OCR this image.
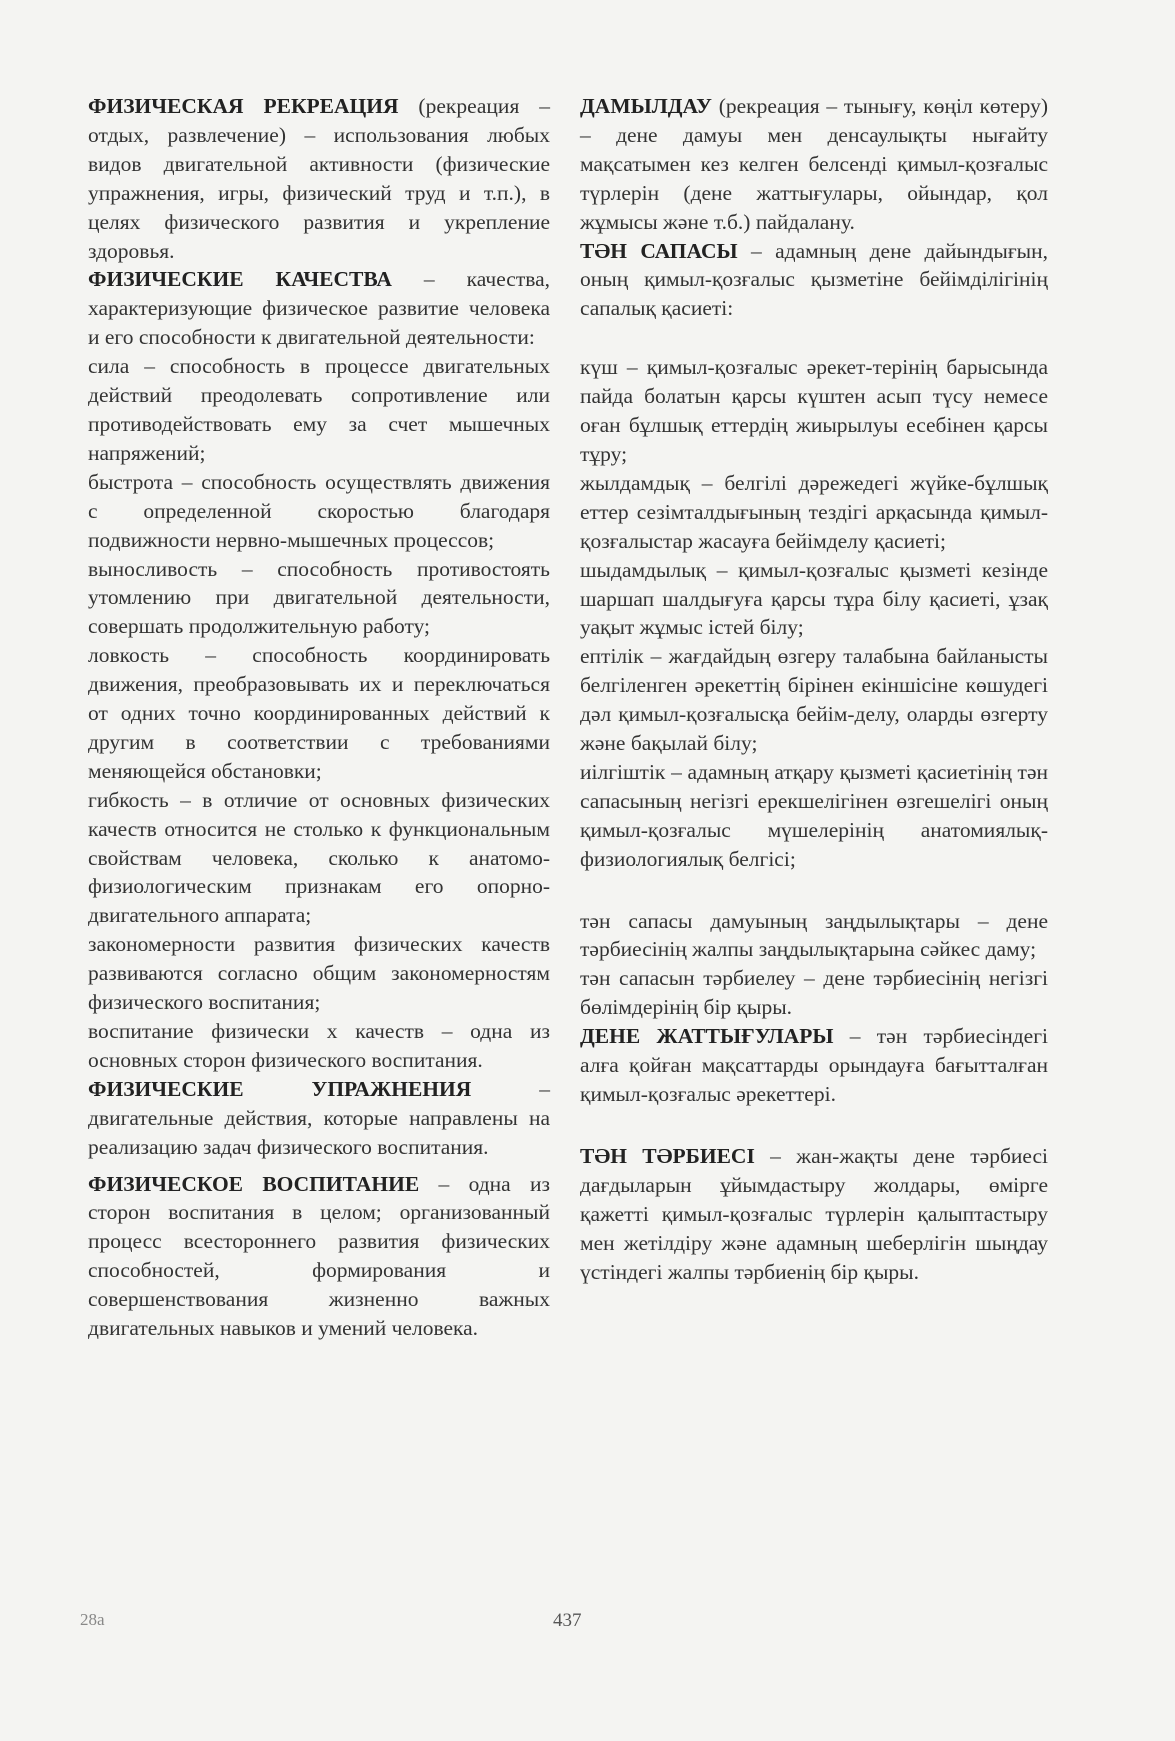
ФИЗИЧЕСКАЯ РЕКРЕАЦИЯ (рекреация – отдых, развлечение) – использования любых видов двигательной активности (физические упражнения, игры, физический труд и т.п.), в целях физического развития и укрепление здоровья.

ФИЗИЧЕСКИЕ КАЧЕСТВА – качества, характеризующие физическое развитие человека и его способности к двигательной деятельности:

сила – способность в процессе двигательных действий преодолевать сопротивление или противодействовать ему за счет мышечных напряжений;

быстрота – способность осуществлять движения с определенной скоростью благодаря подвижности нервно-мышечных процессов;

выносливость – способность противостоять утомлению при двигательной деятельности, совершать продолжительную работу;

ловкость – способность координировать движения, преобразовывать их и переключаться от одних точно координированных действий к другим в соответствии с требованиями меняющейся обстановки;

гибкость – в отличие от основных физических качеств относится не столько к функциональным свойствам человека, сколько к анатомо-физиологическим признакам его опорно-двигательного аппарата;

закономерности развития физических качеств развиваются согласно общим закономерностям физического воспитания;

воспитание физически х качеств – одна из основных сторон физического воспитания.

ФИЗИЧЕСКИЕ УПРАЖНЕНИЯ – двигательные действия, которые направлены на реализацию задач физического воспитания.

ФИЗИЧЕСКОЕ ВОСПИТАНИЕ – одна из сторон воспитания в целом; организованный процесс всестороннего развития физических способностей, формирования и совершенствования жизненно важных двигательных навыков и умений человека.

ДАМЫЛДАУ (рекреация – тынығу, көңіл көтеру) – дене дамуы мен денсаулықты нығайту мақсатымен кез келген белсенді қимыл-қозғалыс түрлерін (дене жаттығулары, ойындар, қол жұмысы және т.б.) пайдалану.

ТӘН САПАСЫ – адамның дене дайындығын, оның қимыл-қозғалыс қызметіне бейімділігінің сапалық қасиеті:

күш – қимыл-қозғалыс әрекет-терінің барысында пайда болатын қарсы күштен асып түсу немесе оған бұлшық еттердің жиырылуы есебінен қарсы тұру;

жылдамдық – белгілі дәрежедегі жүйке-бұлшық еттер сезімталдығының тездігі арқасында қимыл-қозғалыстар жасауға бейімделу қасиеті;

шыдамдылық – қимыл-қозғалыс қызметі кезінде шаршап шалдығуға қарсы тұра білу қасиеті, ұзақ уақыт жұмыс істей білу;

ептілік – жағдайдың өзгеру талабына байланысты белгіленген әрекеттің бірінен екіншісіне көшудегі дәл қимыл-қозғалысқа бейім-делу, оларды өзгерту және бақылай білу;

иілгіштік – адамның атқару қызметі қасиетінің тән сапасының негізгі ерекшелігінен өзгешелігі оның қимыл-қозғалыс мүшелерінің анатомиялық-физиологиялық белгісі;

тән сапасы дамуының заңдылықтары – дене тәрбиесінің жалпы заңдылықтарына сәйкес даму;

тән сапасын тәрбиелеу – дене тәрбиесінің негізгі бөлімдерінің бір қыры.

ДЕНЕ ЖАТТЫҒУЛАРЫ – тән тәрбиесіндегі алға қойған мақсаттарды орындауға бағытталған қимыл-қозғалыс әрекеттері.

ТӘН ТӘРБИЕСІ – жан-жақты дене тәрбиесі дағдыларын ұйымдастыру жолдары, өмірге қажетті қимыл-қозғалыс түрлерін қалыптастыру мен жетілдіру және адамның шеберлігін шыңдау үстіндегі жалпы тәрбиенің бір қыры.

28а	437
